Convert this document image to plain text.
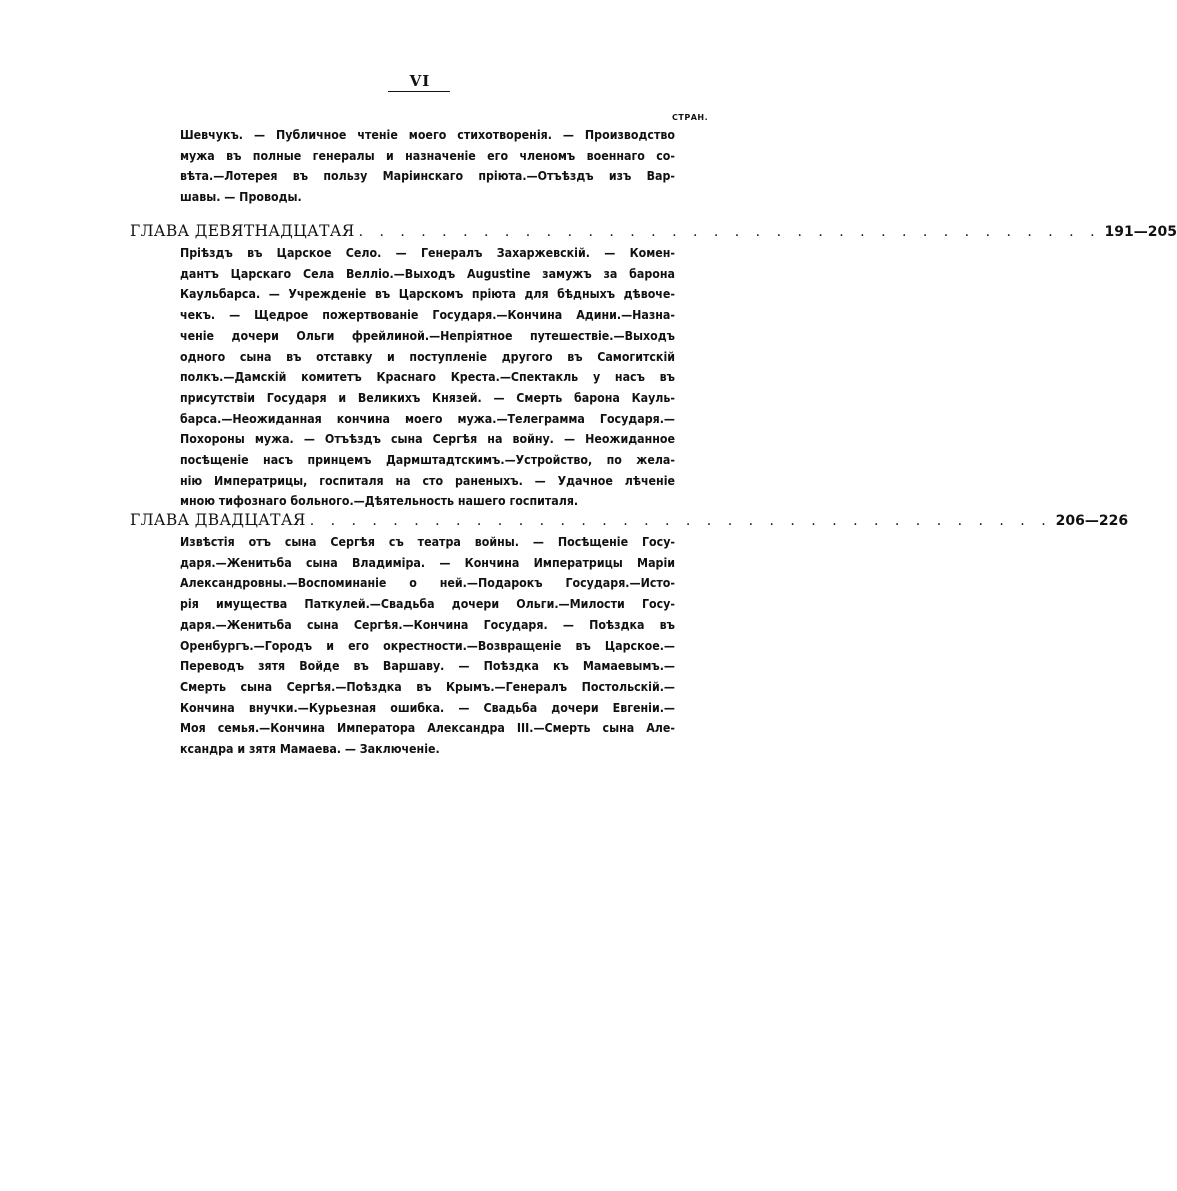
VI
СТРАН.
Шевчукъ. — Публичное чтеніе моего стихотворенія. — Производство
мужа въ полные генералы и назначеніе его членомъ военнаго со-
вѣта.—Лотерея въ пользу Маріинскаго пріюта.—Отъѣздъ изъ Вар-
шавы. — Проводы.
ГЛАВА ДЕВЯТНАДЦАТАЯ . . . . . . . . . . . . . . . . . . . . . . . . . . . . . . . . . . . . 191—205
Пріѣздъ въ Царское Село. — Генералъ Захаржевскій. — Комен-
дантъ Царскаго Села Веллiо.—Выходъ Augustine замужъ за барона
Каульбарса. — Учрежденіе въ Царскомъ пріюта для бѣдныхъ дѣвоче-
чекъ. — Щедрое пожертвованіе Государя.—Кончина Адини.—Назна-
ченіе дочери Ольги фрейлиной.—Непріятное путешествіе.—Выходъ
одного сына въ отставку и поступленіе другого въ Самогитскій
полкъ.—Дамскій комитетъ Краснаго Креста.—Спектакль у насъ въ
присутствіи Государя и Великихъ Князей. — Смерть барона Кауль-
барса.—Неожиданная кончина моего мужа.—Телеграмма Государя.—
Похороны мужа. — Отъѣздъ сына Сергѣя на войну. — Неожиданное
посѣщеніе насъ принцемъ Дармштадтскимъ.—Устройство, по жела-
нію Императрицы, госпиталя на сто раненыхъ. — Удачное лѣченіе
мною тифознаго больного.—Дѣятельность нашего госпиталя.
ГЛАВА ДВАДЦАТАЯ . . . . . . . . . . . . . . . . . . . . . . . . . . . . . . . . . . . . 206—226
Извѣстія отъ сына Сергѣя съ театра войны. — Посѣщеніе Госу-
даря.—Женитьба сына Владиміра. — Кончина Императрицы Маріи
Александровны.—Воспоминаніе о ней.—Подарокъ Государя.—Исто-
рія имущества Паткулей.—Свадьба дочери Ольги.—Милости Госу-
даря.—Женитьба сына Сергѣя.—Кончина Государя. — Поѣздка въ
Оренбургъ.—Городъ и его окрестности.—Возвращеніе въ Царское.—
Переводъ зятя Войде въ Варшаву. — Поѣздка къ Мамаевымъ.—
Смерть сына Сергѣя.—Поѣздка въ Крымъ.—Генералъ Постольскій.—
Кончина внучки.—Курьезная ошибка. — Свадьба дочери Евгеніи.—
Моя семья.—Кончина Императора Александра III.—Смерть сына Але-
ксандра и зятя Мамаева. — Заключеніе.
